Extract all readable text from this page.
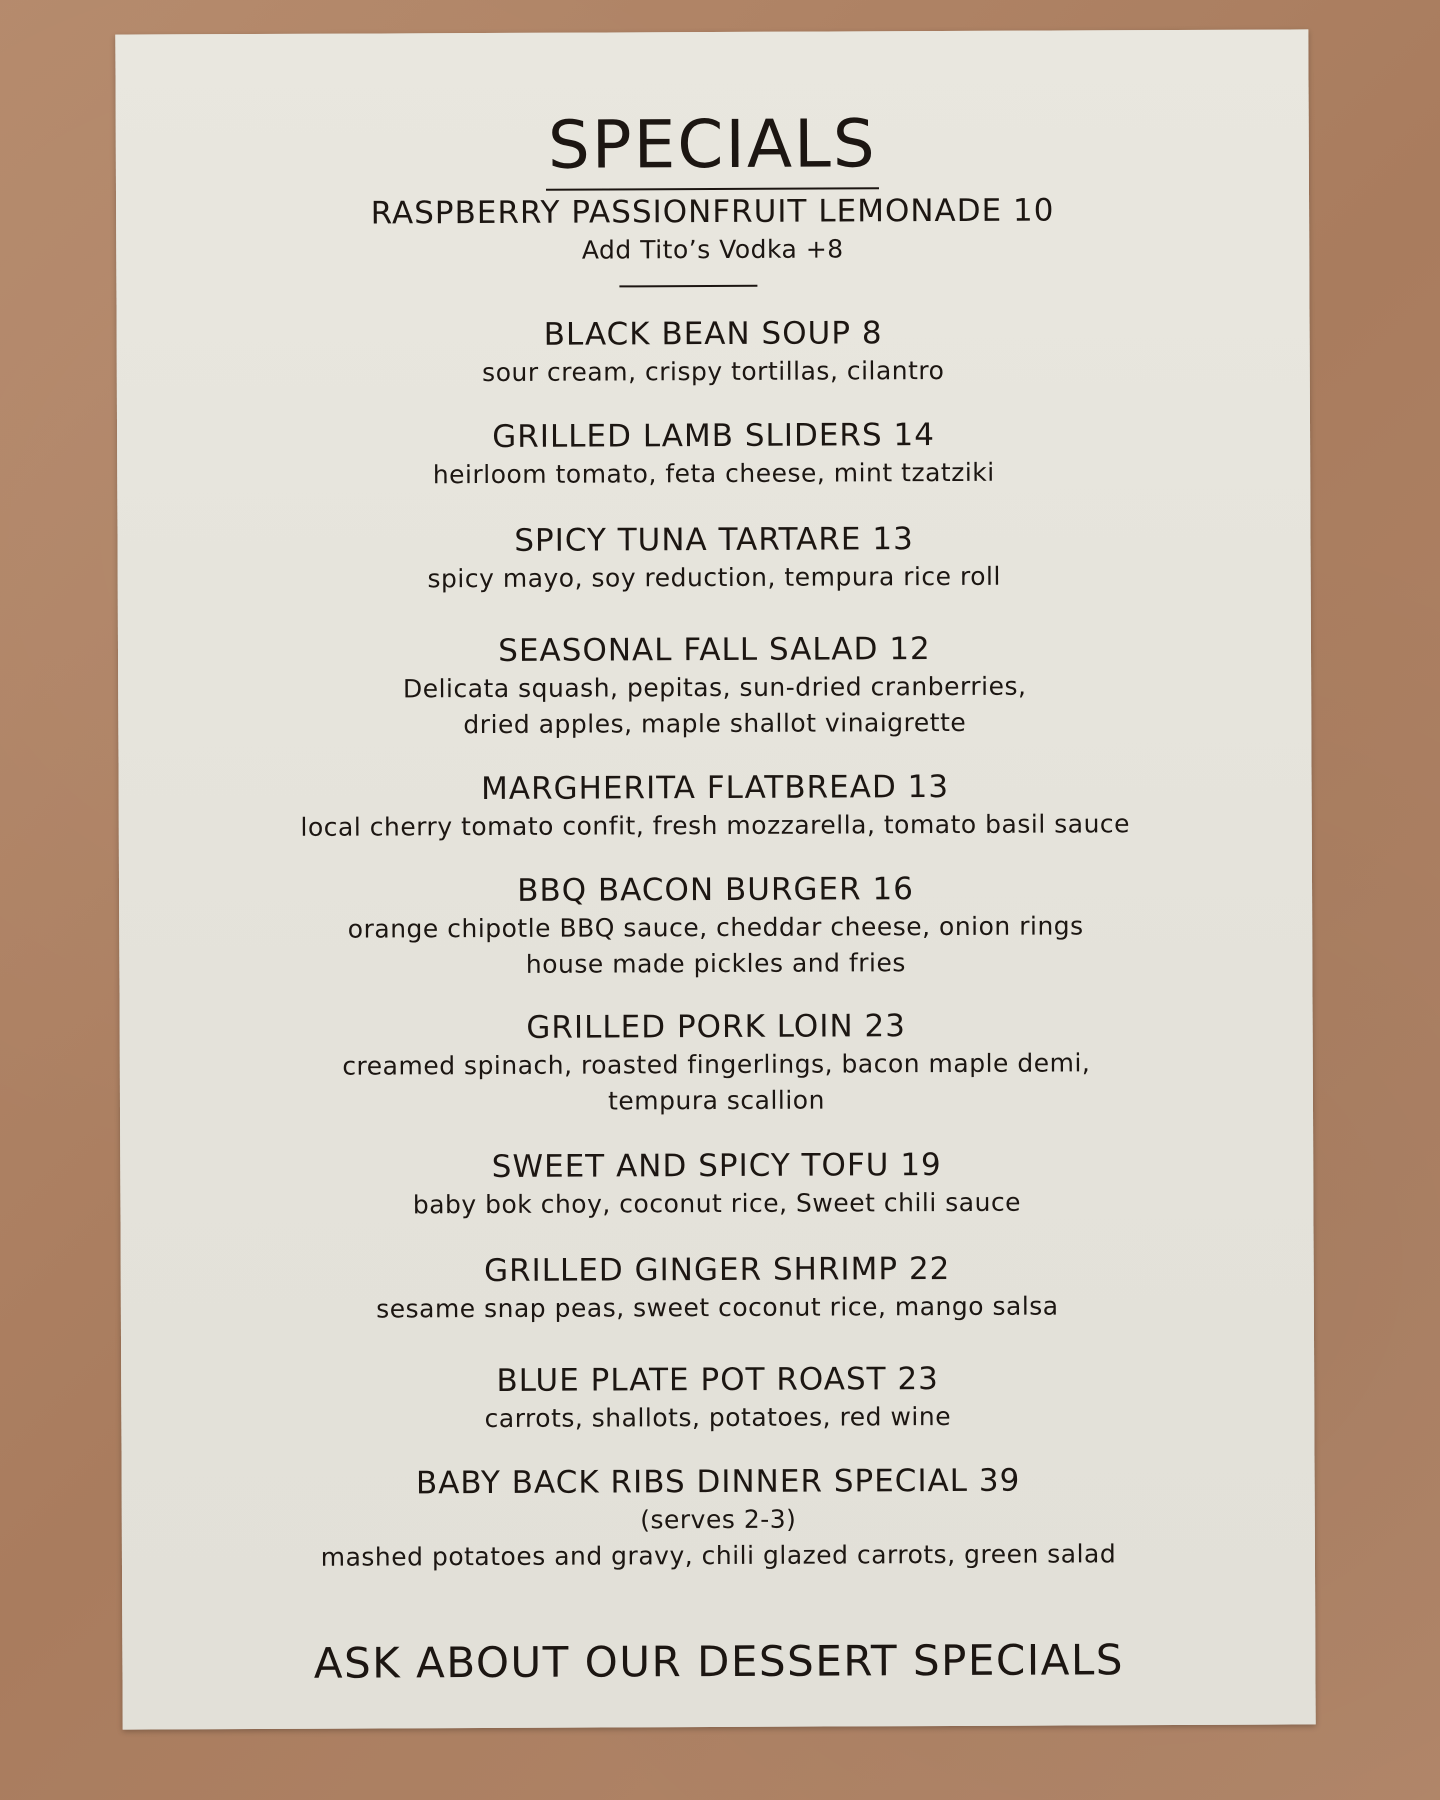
SPECIALS
RASPBERRY PASSIONFRUIT LEMONADE 10
Add Tito’s Vodka +8
BLACK BEAN SOUP 8
sour cream, crispy tortillas, cilantro
GRILLED LAMB SLIDERS 14
heirloom tomato, feta cheese, mint tzatziki
SPICY TUNA TARTARE 13
spicy mayo, soy reduction, tempura rice roll
SEASONAL FALL SALAD 12
Delicata squash, pepitas, sun-dried cranberries,
dried apples, maple shallot vinaigrette
MARGHERITA FLATBREAD 13
local cherry tomato confit, fresh mozzarella, tomato basil sauce
BBQ BACON BURGER 16
orange chipotle BBQ sauce, cheddar cheese, onion rings
house made pickles and fries
GRILLED PORK LOIN 23
creamed spinach, roasted fingerlings, bacon maple demi,
tempura scallion
SWEET AND SPICY TOFU 19
baby bok choy, coconut rice, Sweet chili sauce
GRILLED GINGER SHRIMP 22
sesame snap peas, sweet coconut rice, mango salsa
BLUE PLATE POT ROAST 23
carrots, shallots, potatoes, red wine
BABY BACK RIBS DINNER SPECIAL 39
(serves 2-3)
mashed potatoes and gravy, chili glazed carrots, green salad
ASK ABOUT OUR DESSERT SPECIALS
